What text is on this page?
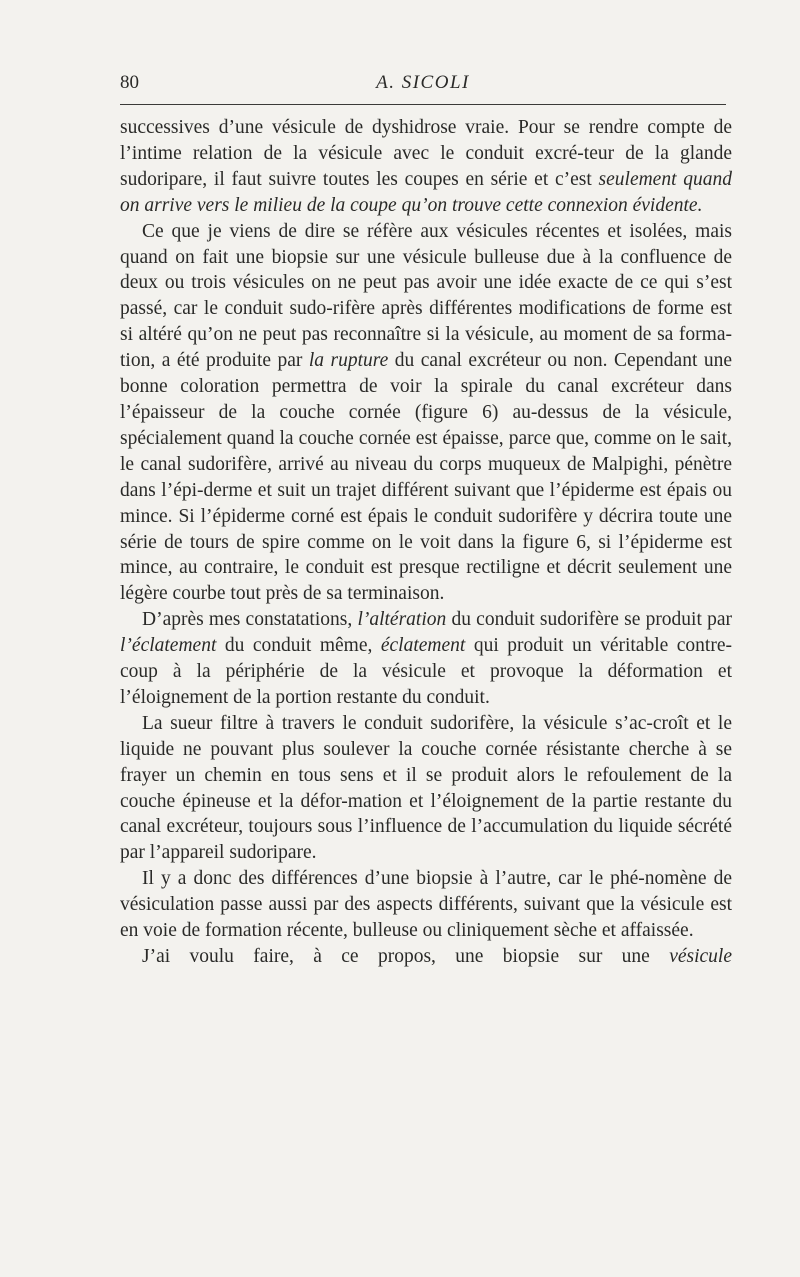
80	A. SICOLI

successives d’une vésicule de dyshidrose vraie. Pour se rendre compte de l’intime relation de la vésicule avec le conduit excré-teur de la glande sudoripare, il faut suivre toutes les coupes en série et c’est seulement quand on arrive vers le milieu de la coupe qu’on trouve cette connexion évidente.

Ce que je viens de dire se réfère aux vésicules récentes et isolées, mais quand on fait une biopsie sur une vésicule bulleuse due à la confluence de deux ou trois vésicules on ne peut pas avoir une idée exacte de ce qui s’est passé, car le conduit sudo-rifère après différentes modifications de forme est si altéré qu’on ne peut pas reconnaître si la vésicule, au moment de sa forma-tion, a été produite par la rupture du canal excréteur ou non. Cependant une bonne coloration permettra de voir la spirale du canal excréteur dans l’épaisseur de la couche cornée (figure 6) au-dessus de la vésicule, spécialement quand la couche cornée est épaisse, parce que, comme on le sait, le canal sudorifère, arrivé au niveau du corps muqueux de Malpighi, pénètre dans l’épi-derme et suit un trajet différent suivant que l’épiderme est épais ou mince. Si l’épiderme corné est épais le conduit sudorifère y décrira toute une série de tours de spire comme on le voit dans la figure 6, si l’épiderme est mince, au contraire, le conduit est presque rectiligne et décrit seulement une légère courbe tout près de sa terminaison.

D’après mes constatations, l’altération du conduit sudorifère se produit par l’éclatement du conduit même, éclatement qui produit un véritable contre-coup à la périphérie de la vésicule et provoque la déformation et l’éloignement de la portion restante du conduit.

La sueur filtre à travers le conduit sudorifère, la vésicule s’ac-croît et le liquide ne pouvant plus soulever la couche cornée résistante cherche à se frayer un chemin en tous sens et il se produit alors le refoulement de la couche épineuse et la défor-mation et l’éloignement de la partie restante du canal excréteur, toujours sous l’influence de l’accumulation du liquide sécrété par l’appareil sudoripare.

Il y a donc des différences d’une biopsie à l’autre, car le phé-nomène de vésiculation passe aussi par des aspects différents, suivant que la vésicule est en voie de formation récente, bulleuse ou cliniquement sèche et affaissée.

J’ai voulu faire, à ce propos, une biopsie sur une vésicule
